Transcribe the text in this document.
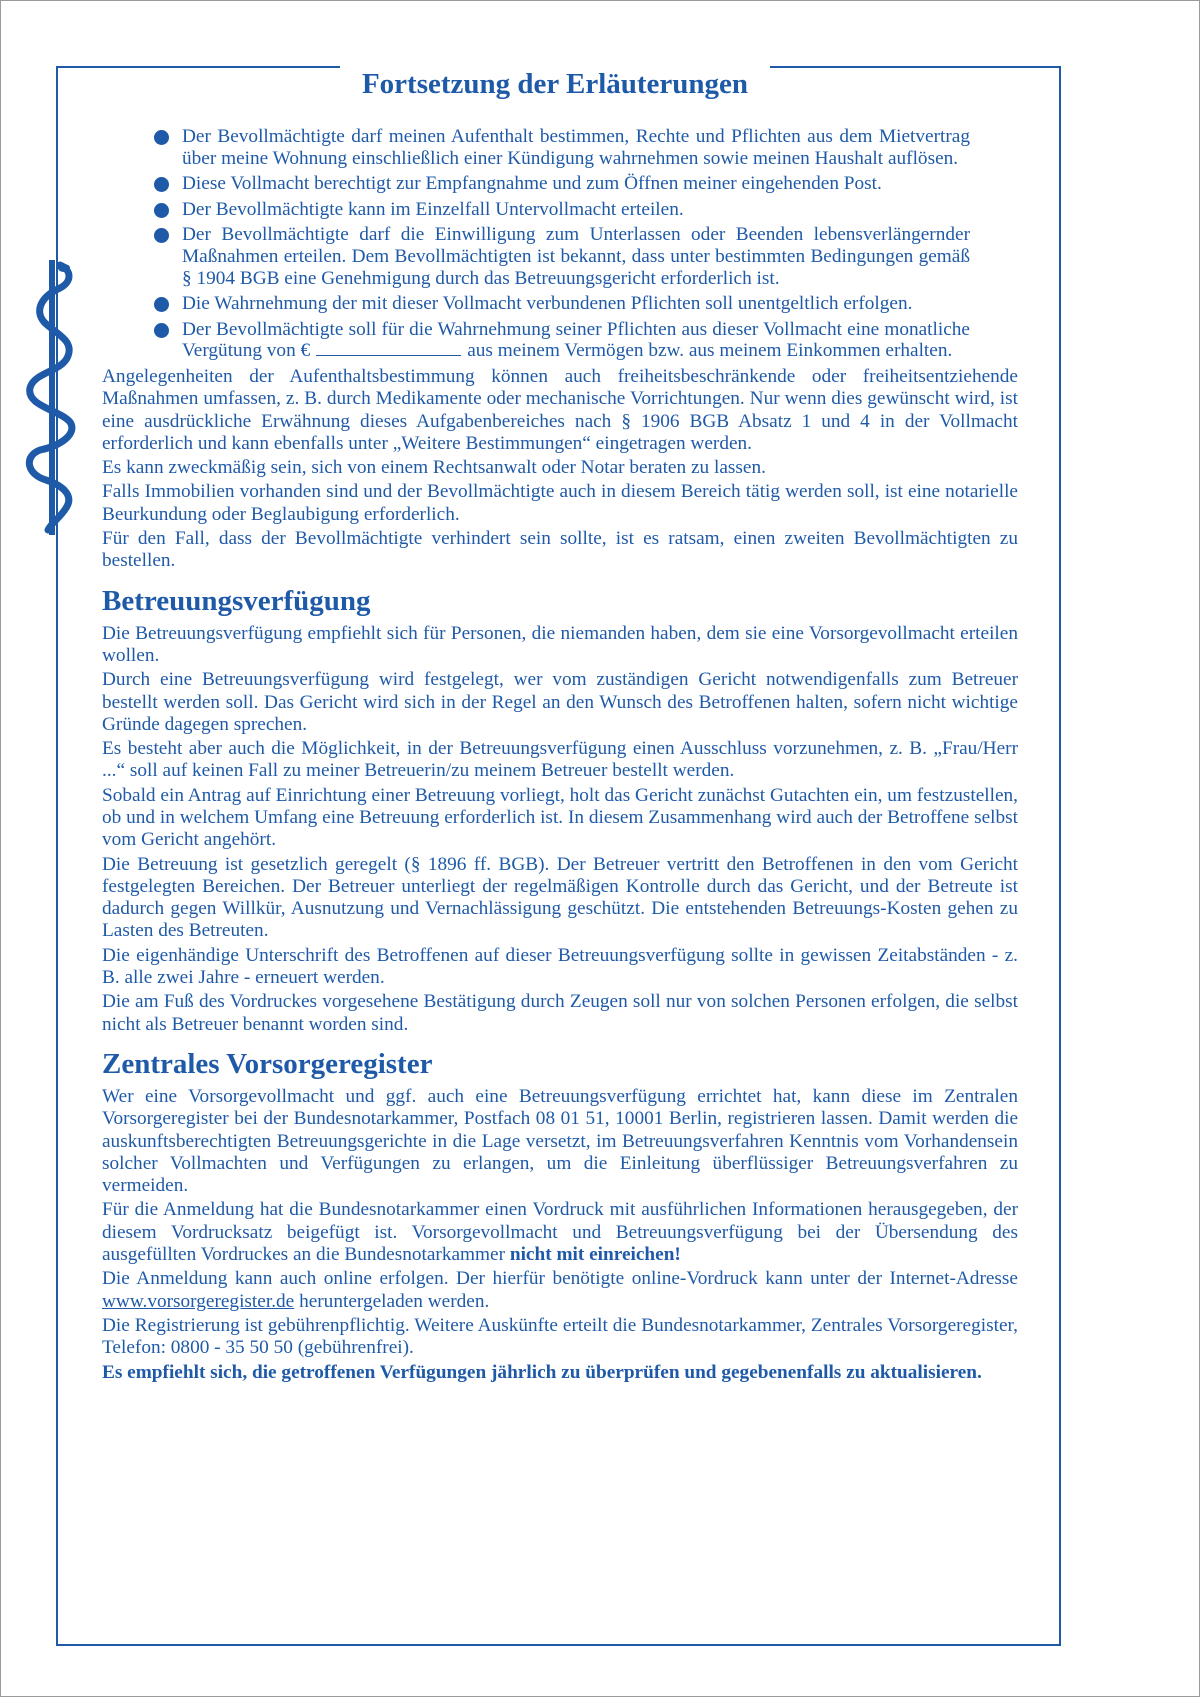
Fortsetzung der Erläuterungen
Der Bevollmächtigte darf meinen Aufenthalt bestimmen, Rechte und Pflichten aus dem Mietvertrag über meine Wohnung einschließlich einer Kündigung wahrnehmen sowie meinen Haushalt auflösen.
Diese Vollmacht berechtigt zur Empfangnahme und zum Öffnen meiner eingehenden Post.
Der Bevollmächtigte kann im Einzelfall Untervollmacht erteilen.
Der Bevollmächtigte darf die Einwilligung zum Unterlassen oder Beenden lebensverlängernder Maßnahmen erteilen. Dem Bevollmächtigten ist bekannt, dass unter bestimmten Bedingungen gemäß § 1904 BGB eine Genehmigung durch das Betreuungsgericht erforderlich ist.
Die Wahrnehmung der mit dieser Vollmacht verbundenen Pflichten soll unentgeltlich erfolgen.
Der Bevollmächtigte soll für die Wahrnehmung seiner Pflichten aus dieser Vollmacht eine monatliche Vergütung von €	aus meinem Vermögen bzw. aus meinem Einkommen erhalten.

Angelegenheiten der Aufenthaltsbestimmung können auch freiheitsbeschränkende oder freiheitsentziehende Maßnahmen umfassen, z. B. durch Medikamente oder mechanische Vorrichtungen. Nur wenn dies gewünscht wird, ist eine ausdrückliche Erwähnung dieses Aufgabenbereiches nach § 1906 BGB Absatz 1 und 4 in der Vollmacht erforderlich und kann ebenfalls unter „Weitere Bestimmungen“ eingetragen werden.

Es kann zweckmäßig sein, sich von einem Rechtsanwalt oder Notar beraten zu lassen.

Falls Immobilien vorhanden sind und der Bevollmächtigte auch in diesem Bereich tätig werden soll, ist eine notarielle Beurkundung oder Beglaubigung erforderlich.

Für den Fall, dass der Bevollmächtigte verhindert sein sollte, ist es ratsam, einen zweiten Bevollmächtigten zu bestellen.

Betreuungsverfügung

Die Betreuungsverfügung empfiehlt sich für Personen, die niemanden haben, dem sie eine Vorsorgevollmacht erteilen wollen.

Durch eine Betreuungsverfügung wird festgelegt, wer vom zuständigen Gericht notwendigenfalls zum Betreuer bestellt werden soll. Das Gericht wird sich in der Regel an den Wunsch des Betroffenen halten, sofern nicht wichtige Gründe dagegen sprechen.

Es besteht aber auch die Möglichkeit, in der Betreuungsverfügung einen Ausschluss vorzunehmen, z. B. „Frau/Herr ...“ soll auf keinen Fall zu meiner Betreuerin/zu meinem Betreuer bestellt werden.

Sobald ein Antrag auf Einrichtung einer Betreuung vorliegt, holt das Gericht zunächst Gutachten ein, um festzustellen, ob und in welchem Umfang eine Betreuung erforderlich ist. In diesem Zusammenhang wird auch der Betroffene selbst vom Gericht angehört.

Die Betreuung ist gesetzlich geregelt (§ 1896 ff. BGB). Der Betreuer vertritt den Betroffenen in den vom Gericht festgelegten Bereichen. Der Betreuer unterliegt der regelmäßigen Kontrolle durch das Gericht, und der Betreute ist dadurch gegen Willkür, Ausnutzung und Vernachlässigung geschützt. Die entstehenden Betreuungs-Kosten gehen zu Lasten des Betreuten.

Die eigenhändige Unterschrift des Betroffenen auf dieser Betreuungsverfügung sollte in gewissen Zeitabständen - z. B. alle zwei Jahre - erneuert werden.

Die am Fuß des Vordruckes vorgesehene Bestätigung durch Zeugen soll nur von solchen Personen erfolgen, die selbst nicht als Betreuer benannt worden sind.

Zentrales Vorsorgeregister

Wer eine Vorsorgevollmacht und ggf. auch eine Betreuungsverfügung errichtet hat, kann diese im Zentralen Vorsorgeregister bei der Bundesnotarkammer, Postfach 08 01 51, 10001 Berlin, registrieren lassen. Damit werden die auskunftsberechtigten Betreuungsgerichte in die Lage versetzt, im Betreuungsverfahren Kenntnis vom Vorhandensein solcher Vollmachten und Verfügungen zu erlangen, um die Einleitung überflüssiger Betreuungsverfahren zu vermeiden.

Für die Anmeldung hat die Bundesnotarkammer einen Vordruck mit ausführlichen Informationen herausgegeben, der diesem Vordrucksatz beigefügt ist. Vorsorgevollmacht und Betreuungsverfügung bei der Übersendung des ausgefüllten Vordruckes an die Bundesnotarkammer nicht mit einreichen!

Die Anmeldung kann auch online erfolgen. Der hierfür benötigte online-Vordruck kann unter der Internet-Adresse www.vorsorgeregister.de heruntergeladen werden.

Die Registrierung ist gebührenpflichtig. Weitere Auskünfte erteilt die Bundesnotarkammer, Zentrales Vorsorgeregister, Telefon: 0800 - 35 50 50 (gebührenfrei).

Es empfiehlt sich, die getroffenen Verfügungen jährlich zu überprüfen und gegebenenfalls zu aktualisieren.
